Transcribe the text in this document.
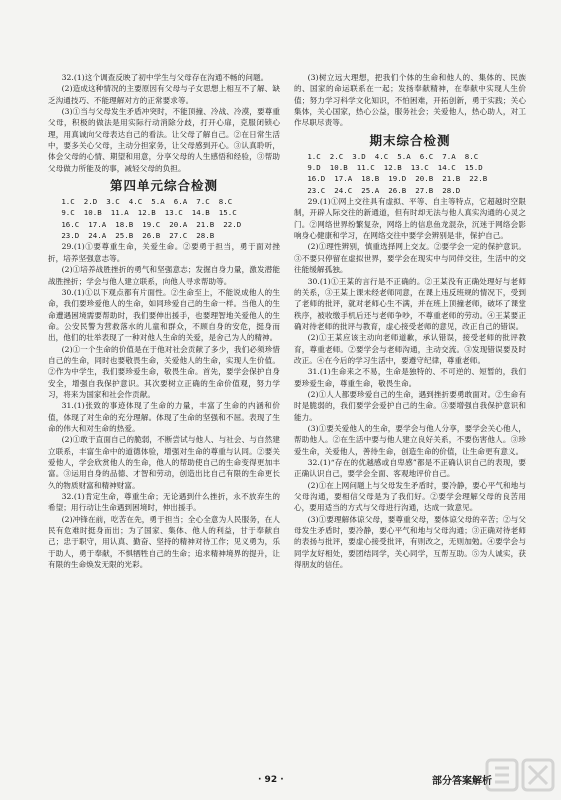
32.(1)这个调查反映了初中学生与父母存在沟通不畅的问题。

(2)造成这种情况的主要原因有父母与子女思想上相互不了解、缺乏沟通技巧、不能理解对方的正常要求等。

(3)①当与父母发生矛盾冲突时，不能顶撞、冷战、冷漠，要尊重父母，积极的做法是用实际行动消除分歧，打开心扉，克服闭锁心理，用真诚向父母表达自己的看法。让父母了解自己。②在日常生活中，要多关心父母，主动分担家务，让父母感到开心。③认真聆听，体会父母的心情、期望和用意，分享父母的人生感悟和经验，③帮助父母做力所能及的事，减轻父母的负担。

第四单元综合检测

1.C  2.D  3.C  4.C  5.A  6.A  7.C  8.C

9.C  10.B  11.A  12.B  13.C  14.B  15.C

16.C  17.A  18.B  19.C  20.A  21.B  22.D

23.D  24.A  25.B  26.B  27.C  28.B

29.(1)①要尊重生命，关爱生命。②要勇于担当，勇于面对挫折，培养坚强意志等。

(2)①培养战胜挫折的勇气和坚强意志；发掘自身力量，激发潜能战胜挫折；学会与他人建立联系，向他人寻求帮助等。

30.(1)①以下观点都有片面性。②生命至上，不能说成他人的生命，我们要珍爱他人的生命，如同珍爱自己的生命一样。当他人的生命遭遇困境需要帮助时，我们要伸出援手，也要理智地关爱他人的生命。公安民警为营救落水的儿童和群众，不顾自身的安危，挺身而出，他们的壮举表现了一种对他人生命的关爱，是舍己为人的精神。

(2)①一个生命的价值是在于他对社会贡献了多少，我们必须珍惜自己的生命，同时也要敬畏生命，关爱他人的生命，实现人生价值。②作为中学生，我们要珍爱生命，敬畏生命。首先，要学会保护自身安全，增强自我保护意识。其次要树立正确的生命价值观，努力学习，将来为国家和社会作贡献。

31.(1)张致的事迹体现了生命的力量，丰富了生命的内涵和价值，体现了对生命的充分理解。体现了生命的坚强和不屈。表现了生命的伟大和对生命的热爱。

(2)①敢于直面自己的脆弱，不断尝试与他人、与社会、与自然建立联系，丰富生命中的道德体验，增强对生命的尊重与认同。②要关爱他人，学会欣赏他人的生命，他人的帮助使自己的生命变得更加丰富。③运用自身的品德、才智和劳动，创造出比自己有限的生命更长久的物质财富和精神财富。

32.(1)肯定生命，尊重生命；无论遇到什么挫折，永不放弃生的希望；用行动让生命遇到困境时，伸出援手。

(2)冲锋在前，吃苦在先，勇于担当；全心全意为人民服务，在人民有危难时挺身而出；为了国家、集体、他人的利益，甘于奉献自己；忠于职守，用认真、勤奋、坚持的精神对待工作；见义勇为，乐于助人，勇于奉献，不惧牺牲自己的生命；追求精神境界的提升，让有限的生命焕发无限的光彩。

(3)树立远大理想，把我们个体的生命和他人的、集体的、民族的、国家的命运联系在一起；发扬奉献精神，在奉献中实现人生价值；努力学习科学文化知识，不怕困难，开拓创新，勇于实践；关心集体，关心国家，热心公益，服务社会；关爱他人，热心助人，对工作尽职尽责等。

期末综合检测

1.C  2.C  3.D  4.C  5.A  6.C  7.A  8.C

9.D  10.B  11.C  12.B  13.C  14.C  15.D

16.D  17.A  18.B  19.D  20.B  21.B  22.B

23.C  24.C  25.A  26.B  27.B  28.D

29.(1)①网上交往具有虚拟、平等、自主等特点，它超越时空限制，开辟人际交往的新通道，但有时却无法与他人真实沟通的心灵之门。②网络世界纷繁复杂，网络上的信息鱼龙混杂，沉迷于网络会影响身心健康和学习，在网络交往中要学会辨别是非，保护自己。

(2)①理性辨别，慎重选择网上交友。②要学会一定的保护意识。③不要只停留在虚拟世界，要学会在现实中与同伴交往，生活中的交往能缓解孤独。

30.(1)①王某的言行是不正确的。②王某没有正确处理好与老师的关系，③王某上课未经老师同意，在课上违反班规的情况下，受到了老师的批评，就对老师心生不满，并在班上顶撞老师，破坏了课堂秩序，被收缴手机后还与老师争吵，不尊重老师的劳动。④王某要正确对待老师的批评与教育，虚心接受老师的意见，改正自己的错误。

(2)①王某应该主动向老师道歉，承认错误，接受老师的批评教育，尊重老师。②要学会与老师沟通，主动交流。③发现错误要及时改正。④在今后的学习生活中，要遵守纪律，尊重老师。

31.(1)生命来之不易，生命是独特的、不可逆的、短暂的，我们要珍爱生命，尊重生命，敬畏生命。

(2)①人人都要珍爱自己的生命，遇到挫折要勇敢面对。②生命有时是脆弱的，我们要学会爱护自己的生命。③要增强自我保护意识和能力。

(3)①要关爱他人的生命，要学会与他人分享，要学会关心他人，帮助他人。②在生活中要与他人建立良好关系，不要伤害他人。③珍爱生命，关爱他人，善待生命，创造生命的价值，让生命更有意义。

32.(1)“存在的优越感或自卑感”都是不正确认识自己的表现，要正确认识自己，要学会全面、客观地评价自己。

(2)①在上网问题上与父母发生矛盾时，要冷静，要心平气和地与父母沟通，要相信父母是为了我们好。②要学会理解父母的良苦用心，要用适当的方式与父母进行沟通，达成一致意见。

(3)①要理解体谅父母，要尊重父母，要体谅父母的辛苦；②与父母发生矛盾时，要冷静，要心平气和地与父母沟通；③正确对待老师的表扬与批评，要虚心接受批评，有则改之，无则加勉。④要学会与同学友好相处，要团结同学，关心同学，互帮互助。⑤为人诚实，获得朋友的信任。

· 92 ·	部分答案解析
